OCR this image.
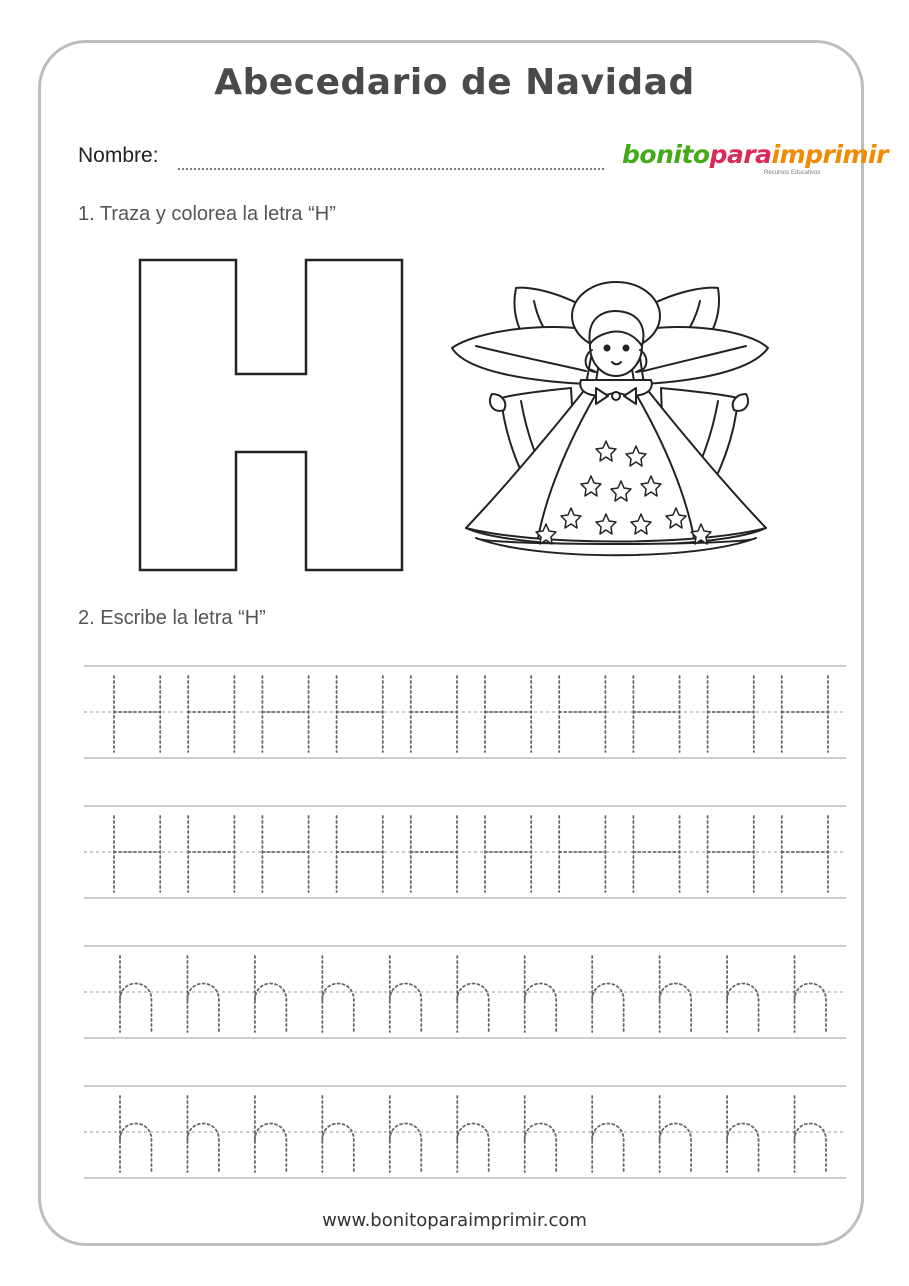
Abecedario de Navidad
Nombre:	bonitoparaimprimir
Recursos Educativos
1. Traza y colorea la letra “H”
2. Escribe la letra “H”
www.bonitoparaimprimir.com
